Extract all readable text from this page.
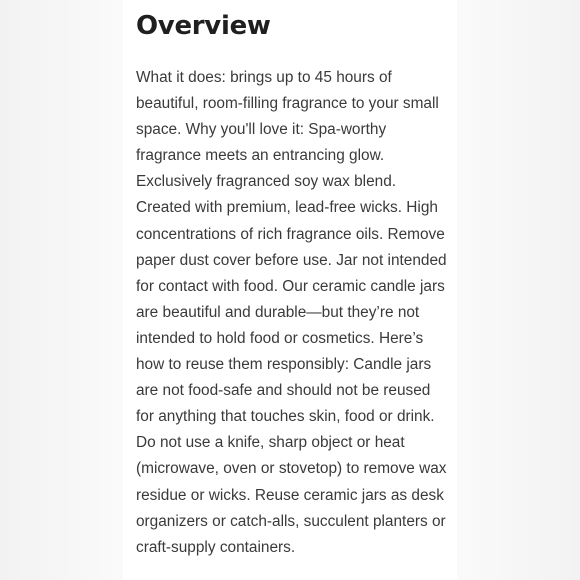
Overview

What it does: brings up to 45 hours of beautiful, room-filling fragrance to your small space. Why you'll love it: Spa-worthy fragrance meets an entrancing glow. Exclusively fragranced soy wax blend. Created with premium, lead-free wicks. High concentrations of rich fragrance oils. Remove paper dust cover before use. Jar not intended for contact with food. Our ceramic candle jars are beautiful and durable—but they’re not intended to hold food or cosmetics. Here’s how to reuse them responsibly: Candle jars are not food-safe and should not be reused for anything that touches skin, food or drink. Do not use a knife, sharp object or heat (microwave, oven or stovetop) to remove wax residue or wicks. Reuse ceramic jars as desk organizers or catch-alls, succulent planters or craft-supply containers.
